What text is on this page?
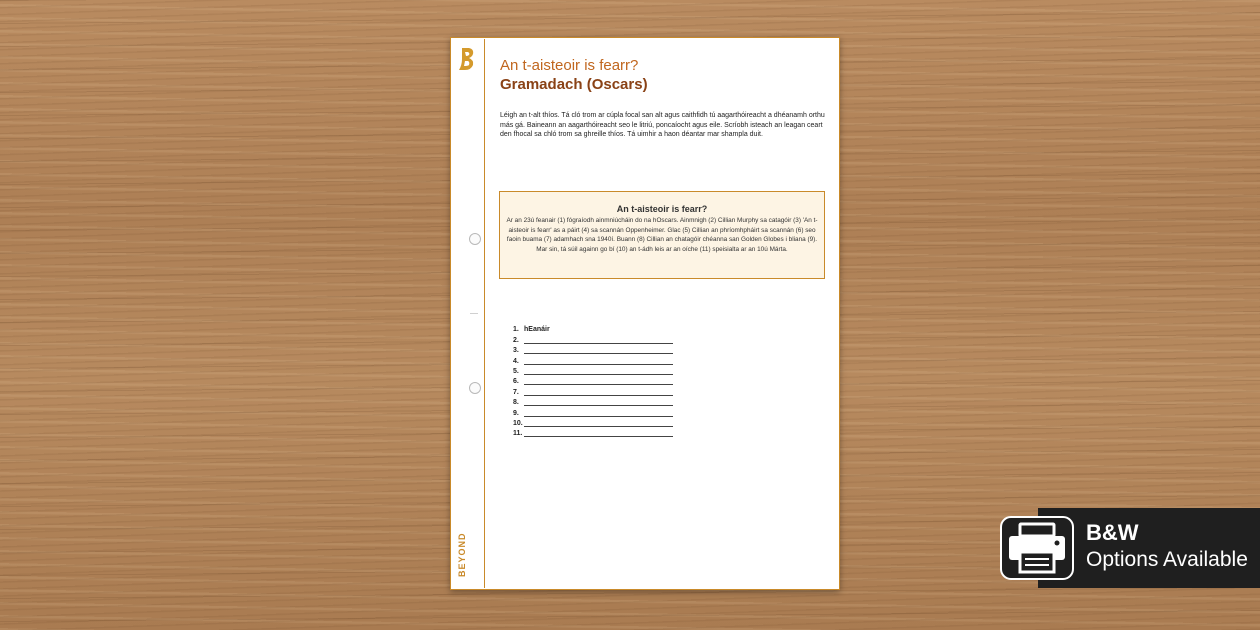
BEYOND
An t-aisteoir is fearr?
Gramadach (Oscars)

Léigh an t-alt thíos. Tá cló trom ar cúpla focal san alt agus caithfidh tú aagarthóireacht a dhéanamh orthu más gá. Baineann an aagarthóireacht seo le litriú, poncaíocht agus eile. Scríobh isteach an leagan ceart den fhocal sa chló trom sa ghreille thíos. Tá uimhir a haon déantar mar shampla duit.

An t-aisteoir is fearr?

Ar an 23ú feanair (1) fógraíodh ainmniúcháin do na hOscars. Ainmnigh (2) Cillian Murphy sa catagóir (3) 'An t-aisteoir is fearr' as a páirt (4) sa scannán Oppenheimer. Glac (5) Cillian an phríomhpháirt sa scannán (6) seo faoin buama (7) adamhach sna 1940í. Buann (8) Cillian an chatagóir chéanna san Golden Globes i bliana (9). Mar sin, tá súil againn go bí (10) an t-ádh leis ar an oíche (11) speisialta ar an 10ú Márta.

1. hEanáir
2.
3.
4.
5.
6.
7.
8.
9.
10.
11.
B&W
Options Available
